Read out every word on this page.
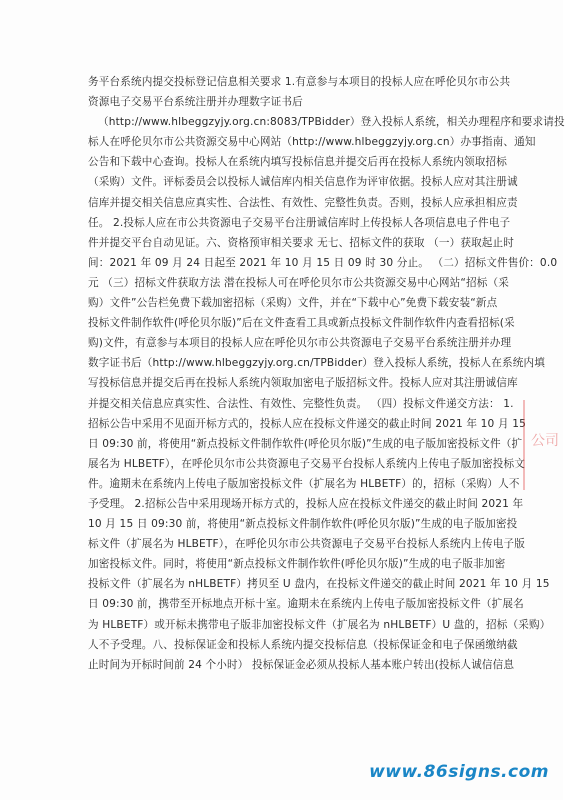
务平台系统内提交投标登记信息相关要求 1.有意参与本项目的投标人应在呼伦贝尔市公共
资源电子交易平台系统注册并办理数字证书后
（http://www.hlbeggzyjy.org.cn:8083/TPBidder）登入投标人系统，相关办理程序和要求请投
标人在呼伦贝尔市公共资源交易中心网站（http://www.hlbeggzyjy.org.cn）办事指南、通知
公告和下载中心查询。投标人在系统内填写投标信息并提交后再在投标人系统内领取招标
（采购）文件。评标委员会以投标人诚信库内相关信息作为评审依据。投标人应对其注册诚
信库并提交相关信息应真实性、合法性、有效性、完整性负责。否则，投标人应承担相应责
任。 2.投标人应在市公共资源电子交易平台注册诚信库时上传投标人各项信息电子件电子
件并提交平台自动见证。六、资格预审相关要求 无七、招标文件的获取 （一）获取起止时
间：2021 年 09 月 24 日起至 2021 年 10 月 15 日 09 时 30 分止。 （二）招标文件售价：0.0
元 （三）招标文件获取方法 潜在投标人可在呼伦贝尔市公共资源交易中心网站“招标（采
购）文件”公告栏免费下载加密招标（采购）文件，并在“下载中心”免费下载安装“新点
投标文件制作软件(呼伦贝尔版)”后在文件查看工具或新点投标文件制作软件内查看招标(采
购)文件，有意参与本项目的投标人应在呼伦贝尔市公共资源电子交易平台系统注册并办理
数字证书后（http://www.hlbeggzyjy.org.cn/TPBidder）登入投标人系统，投标人在系统内填
写投标信息并提交后再在投标人系统内领取加密电子版招标文件。投标人应对其注册诚信库
并提交相关信息应真实性、合法性、有效性、完整性负责。 （四）投标文件递交方法： 1.
招标公告中采用不见面开标方式的，投标人应在投标文件递交的截止时间 2021 年 10 月 15
日 09:30 前，将使用“新点投标文件制作软件(呼伦贝尔版)”生成的电子版加密投标文件（扩
展名为 HLBETF），在呼伦贝尔市公共资源电子交易平台投标人系统内上传电子版加密投标文
件。逾期未在系统内上传电子版加密投标文件（扩展名为 HLBETF）的，招标（采购）人不
予受理。 2.招标公告中采用现场开标方式的，投标人应在投标文件递交的截止时间 2021 年
10 月 15 日 09:30 前，将使用“新点投标文件制作软件(呼伦贝尔版)”生成的电子版加密投
标文件（扩展名为 HLBETF），在呼伦贝尔市公共资源电子交易平台投标人系统内上传电子版
加密投标文件。同时，将使用“新点投标文件制作软件(呼伦贝尔版)”生成的电子版非加密
投标文件（扩展名为 nHLBETF）拷贝至 U 盘内，在投标文件递交的截止时间 2021 年 10 月 15
日 09:30 前，携带至开标地点开标十室。逾期未在系统内上传电子版加密投标文件（扩展名
为 HLBETF）或开标未携带电子版非加密投标文件（扩展名为 nHLBETF）U 盘的，招标（采购）
人不予受理。八、投标保证金和投标人系统内提交投标信息（投标保证金和电子保函缴纳截
止时间为开标时间前 24 个小时） 投标保证金必须从投标人基本账户转出(投标人诚信信息
公司
www.86signs.com
